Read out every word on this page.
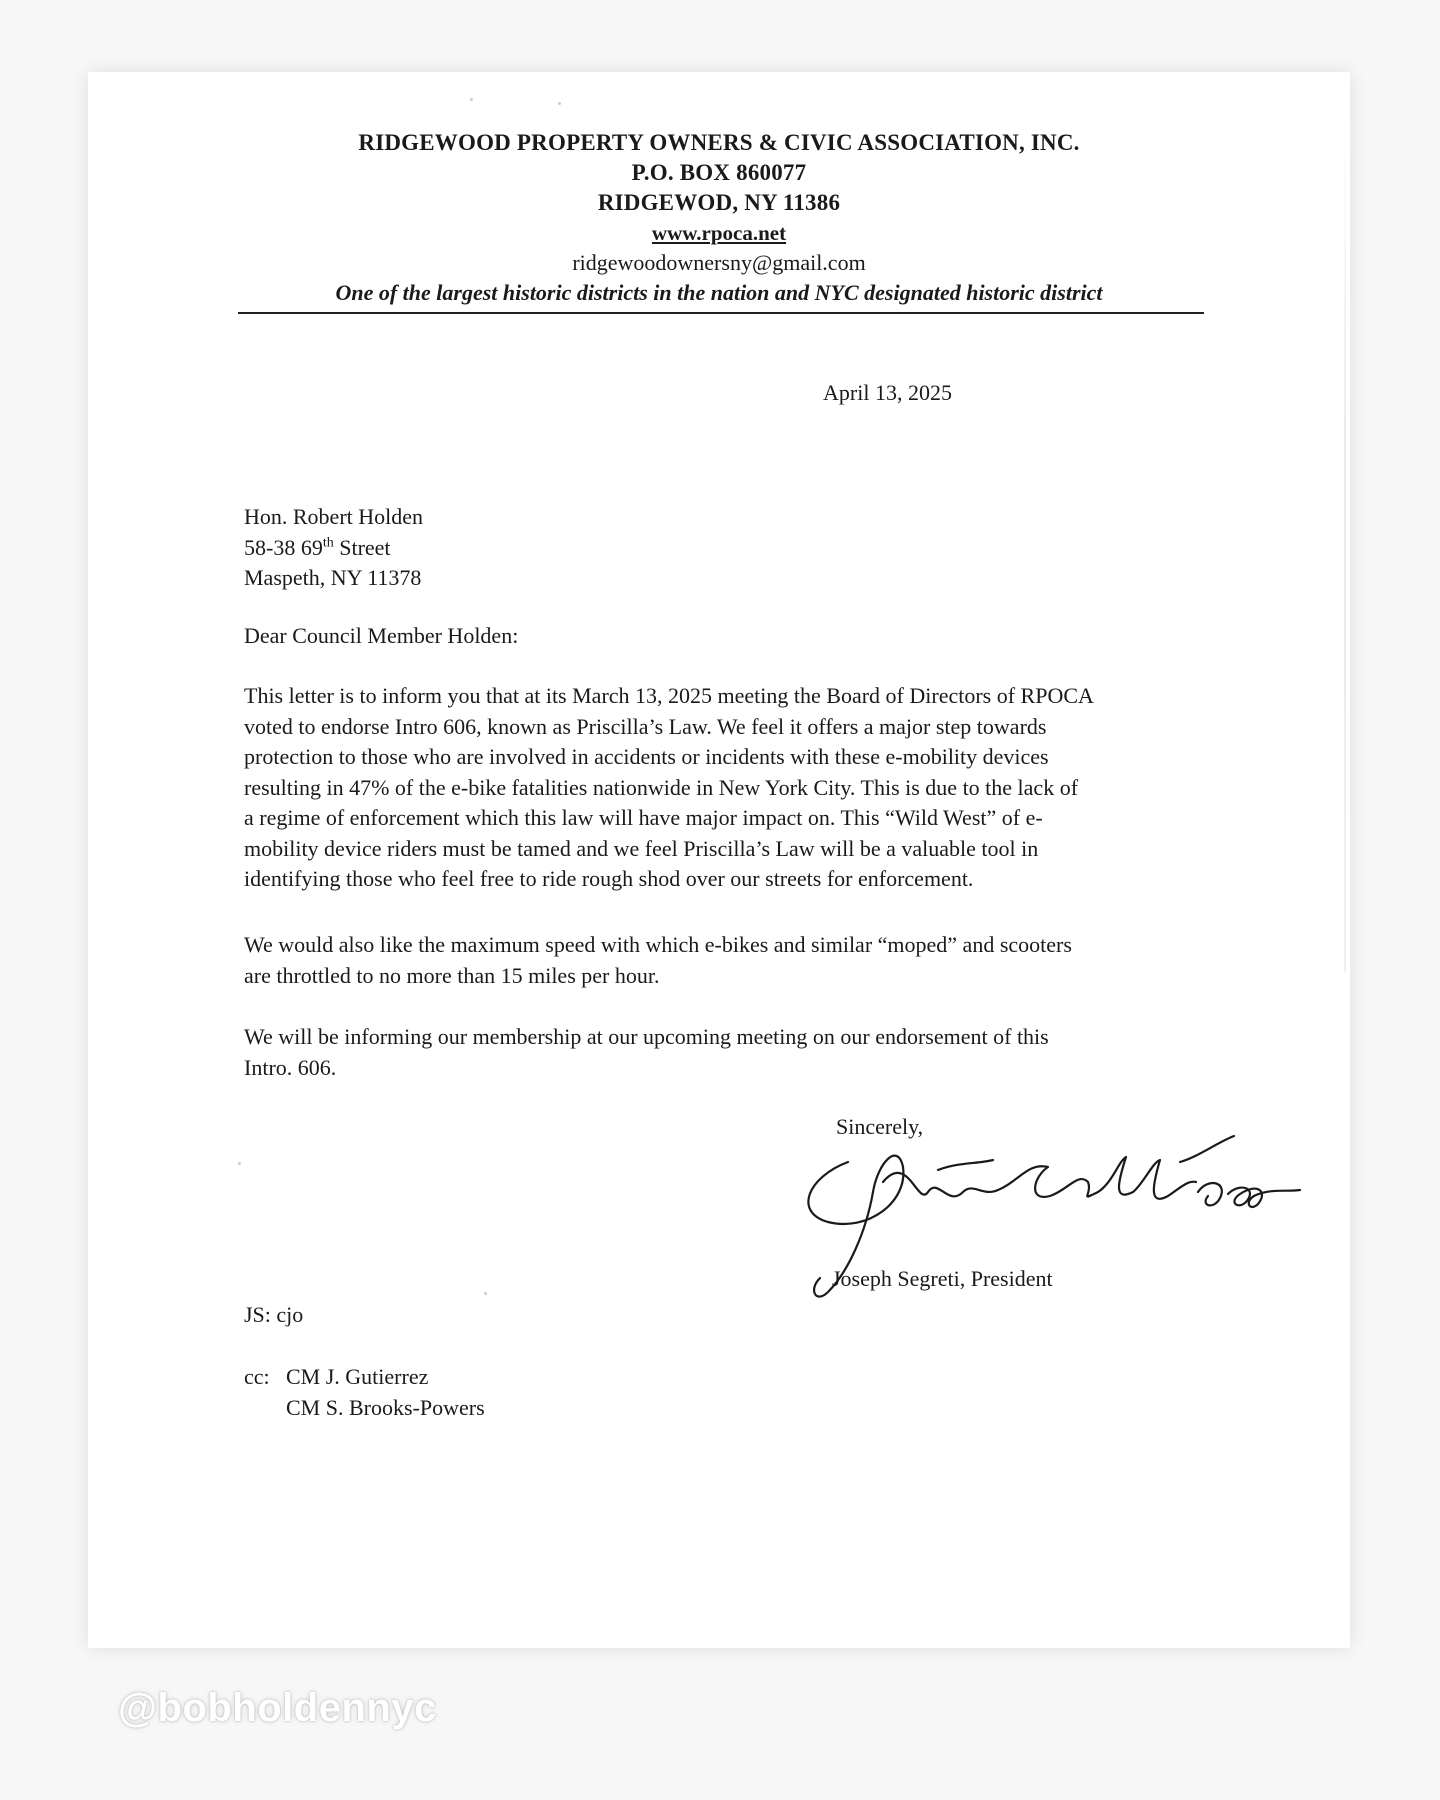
RIDGEWOOD PROPERTY OWNERS & CIVIC ASSOCIATION, INC.
P.O. BOX 860077
RIDGEWOD, NY 11386
www.rpoca.net
ridgewoodownersny@gmail.com
One of the largest historic districts in the nation and NYC designated historic district
April 13, 2025
Hon. Robert Holden
58-38 69th Street
Maspeth, NY 11378
Dear Council Member Holden:
This letter is to inform you that at its March 13, 2025 meeting the Board of Directors of RPOCA
voted to endorse Intro 606, known as Priscilla’s Law. We feel it offers a major step towards
protection to those who are involved in accidents or incidents with these e-mobility devices
resulting in 47% of the e-bike fatalities nationwide in New York City. This is due to the lack of
a regime of enforcement which this law will have major impact on. This “Wild West” of e-
mobility device riders must be tamed and we feel Priscilla’s Law will be a valuable tool in
identifying those who feel free to ride rough shod over our streets for enforcement.
We would also like the maximum speed with which e-bikes and similar “moped” and scooters
are throttled to no more than 15 miles per hour.
We will be informing our membership at our upcoming meeting on our endorsement of this
Intro. 606.
Sincerely,
Joseph Segreti, President
JS: cjo
cc: CM J. Gutierrez
CM S. Brooks-Powers
@bobholdennyc
